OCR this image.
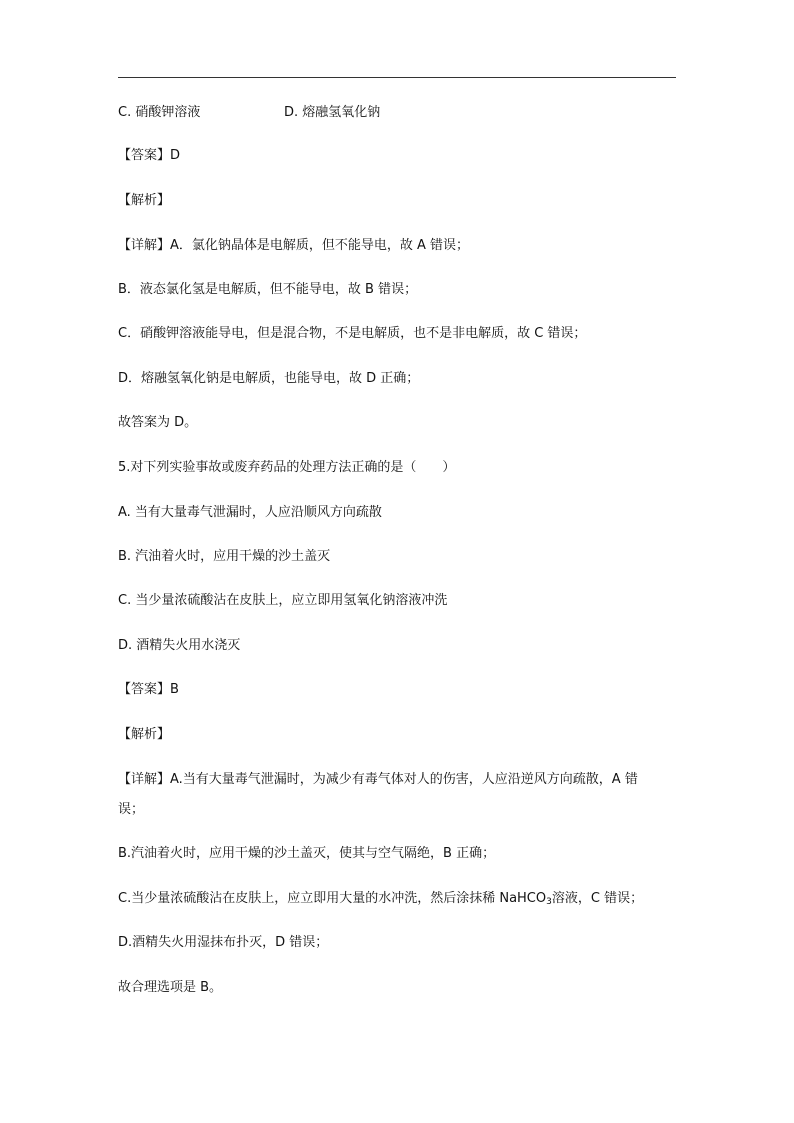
C. 硝酸钾溶液	D. 熔融氢氧化钠
【答案】D
【解析】
【详解】A．氯化钠晶体是电解质，但不能导电，故 A 错误；
B．液态氯化氢是电解质，但不能导电，故 B 错误；
C．硝酸钾溶液能导电，但是混合物，不是电解质，也不是非电解质，故 C 错误；
D．熔融氢氧化钠是电解质，也能导电，故 D 正确；
故答案为 D。
5.对下列实验事故或废弃药品的处理方法正确的是（　　）
A. 当有大量毒气泄漏时，人应沿顺风方向疏散
B. 汽油着火时，应用干燥的沙土盖灭
C. 当少量浓硫酸沾在皮肤上，应立即用氢氧化钠溶液冲洗
D. 酒精失火用水浇灭
【答案】B
【解析】
【详解】A.当有大量毒气泄漏时，为减少有毒气体对人的伤害，人应沿逆风方向疏散，A 错
误；
B.汽油着火时，应用干燥的沙土盖灭，使其与空气隔绝，B 正确；
C.当少量浓硫酸沾在皮肤上，应立即用大量的水冲洗，然后涂抹稀 NaHCO$_3$溶液，C 错误；
D.酒精失火用湿抹布扑灭，D 错误；
故合理选项是 B。
